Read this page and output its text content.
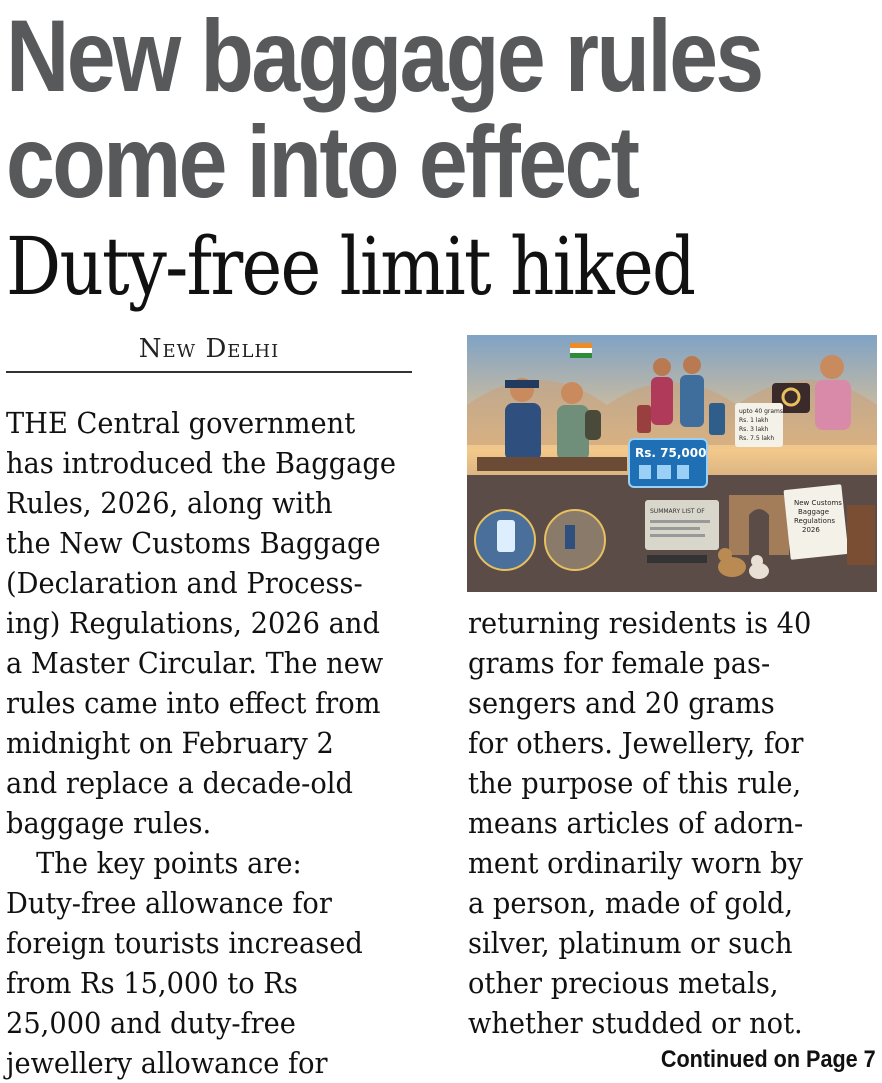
New baggage rules
come into effect
Duty-free limit hiked
New Delhi
THE Central government
has introduced the Baggage
Rules, 2026, along with
the New Customs Baggage
(Declaration and Process-
ing) Regulations, 2026 and
a Master Circular. The new
rules came into effect from
midnight on February 2
and replace a decade-old
baggage rules.
The key points are:
Duty-free allowance for
foreign tourists increased
from Rs 15,000 to Rs
25,000 and duty-free
jewellery allowance for
upto 40 grams
Rs. 1 lakh
Rs. 3 lakh
Rs. 7.5 lakh
Rs. 75,000
SUMMARY LIST OF
New Customs
Baggage
Regulations
2026
returning residents is 40
grams for female pas-
sengers and 20 grams
for others. Jewellery, for
the purpose of this rule,
means articles of adorn-
ment ordinarily worn by
a person, made of gold,
silver, platinum or such
other precious metals,
whether studded or not.
Continued on Page 7
